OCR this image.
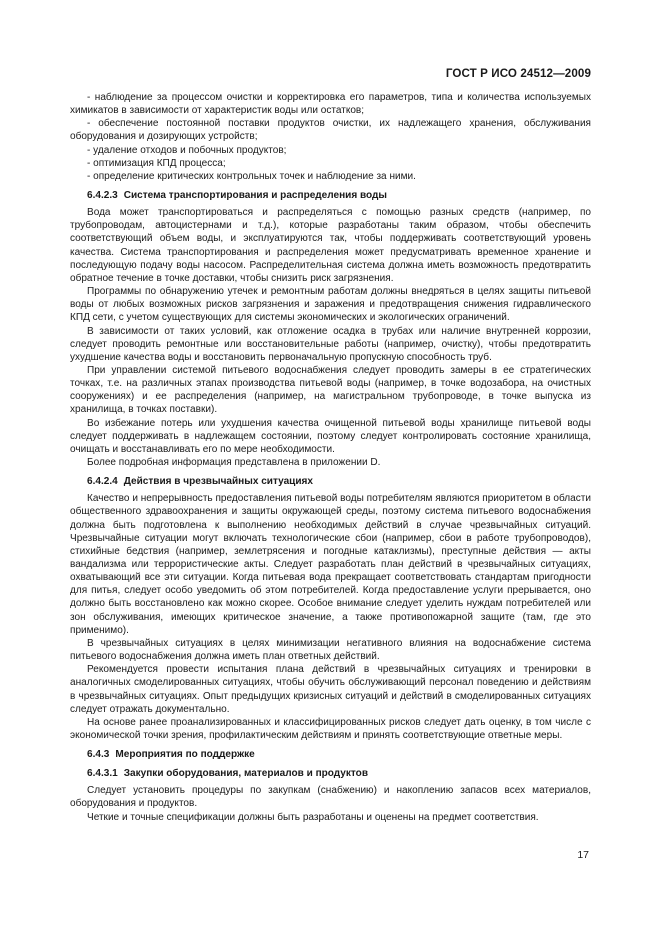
ГОСТ Р ИСО 24512—2009

- наблюдение за процессом очистки и корректировка его параметров, типа и количества используемых химикатов в зависимости от характеристик воды или остатков;

- обеспечение постоянной поставки продуктов очистки, их надлежащего хранения, обслуживания оборудования и дозирующих устройств;

- удаление отходов и побочных продуктов;

- оптимизация КПД процесса;

- определение критических контрольных точек и наблюдение за ними.

6.4.2.3 Система транспортирования и распределения воды

Вода может транспортироваться и распределяться с помощью разных средств (например, по трубопроводам, автоцистернами и т.д.), которые разработаны таким образом, чтобы обеспечить соответствующий объем воды, и эксплуатируются так, чтобы поддерживать соответствующий уровень качества. Система транспортирования и распределения может предусматривать временное хранение и последующую подачу воды насосом. Распределительная система должна иметь возможность предотвратить обратное течение в точке доставки, чтобы снизить риск загрязнения.

Программы по обнаружению утечек и ремонтным работам должны внедряться в целях защиты питьевой воды от любых возможных рисков загрязнения и заражения и предотвращения снижения гидравлического КПД сети, с учетом существующих для системы экономических и экологических ограничений.

В зависимости от таких условий, как отложение осадка в трубах или наличие внутренней коррозии, следует проводить ремонтные или восстановительные работы (например, очистку), чтобы предотвратить ухудшение качества воды и восстановить первоначальную пропускную способность труб.

При управлении системой питьевого водоснабжения следует проводить замеры в ее стратегических точках, т.е. на различных этапах производства питьевой воды (например, в точке водозабора, на очистных сооружениях) и ее распределения (например, на магистральном трубопроводе, в точке выпуска из хранилища, в точках поставки).

Во избежание потерь или ухудшения качества очищенной питьевой воды хранилище питьевой воды следует поддерживать в надлежащем состоянии, поэтому следует контролировать состояние хранилища, очищать и восстанавливать его по мере необходимости.

Более подробная информация представлена в приложении D.

6.4.2.4 Действия в чрезвычайных ситуациях

Качество и непрерывность предоставления питьевой воды потребителям являются приоритетом в области общественного здравоохранения и защиты окружающей среды, поэтому система питьевого водоснабжения должна быть подготовлена к выполнению необходимых действий в случае чрезвычайных ситуаций. Чрезвычайные ситуации могут включать технологические сбои (например, сбои в работе трубопроводов), стихийные бедствия (например, землетрясения и погодные катаклизмы), преступные действия — акты вандализма или террористические акты. Следует разработать план действий в чрезвычайных ситуациях, охватывающий все эти ситуации. Когда питьевая вода прекращает соответствовать стандартам пригодности для питья, следует особо уведомить об этом потребителей. Когда предоставление услуги прерывается, оно должно быть восстановлено как можно скорее. Особое внимание следует уделить нуждам потребителей или зон обслуживания, имеющих критическое значение, а также противопожарной защите (там, где это применимо).

В чрезвычайных ситуациях в целях минимизации негативного влияния на водоснабжение система питьевого водоснабжения должна иметь план ответных действий.

Рекомендуется провести испытания плана действий в чрезвычайных ситуациях и тренировки в аналогичных смоделированных ситуациях, чтобы обучить обслуживающий персонал поведению и действиям в чрезвычайных ситуациях. Опыт предыдущих кризисных ситуаций и действий в смоделированных ситуациях следует отражать документально.

На основе ранее проанализированных и классифицированных рисков следует дать оценку, в том числе с экономической точки зрения, профилактическим действиям и принять соответствующие ответные меры.

6.4.3 Мероприятия по поддержке
6.4.3.1 Закупки оборудования, материалов и продуктов

Следует установить процедуры по закупкам (снабжению) и накоплению запасов всех материалов, оборудования и продуктов.

Четкие и точные спецификации должны быть разработаны и оценены на предмет соответствия.

17
